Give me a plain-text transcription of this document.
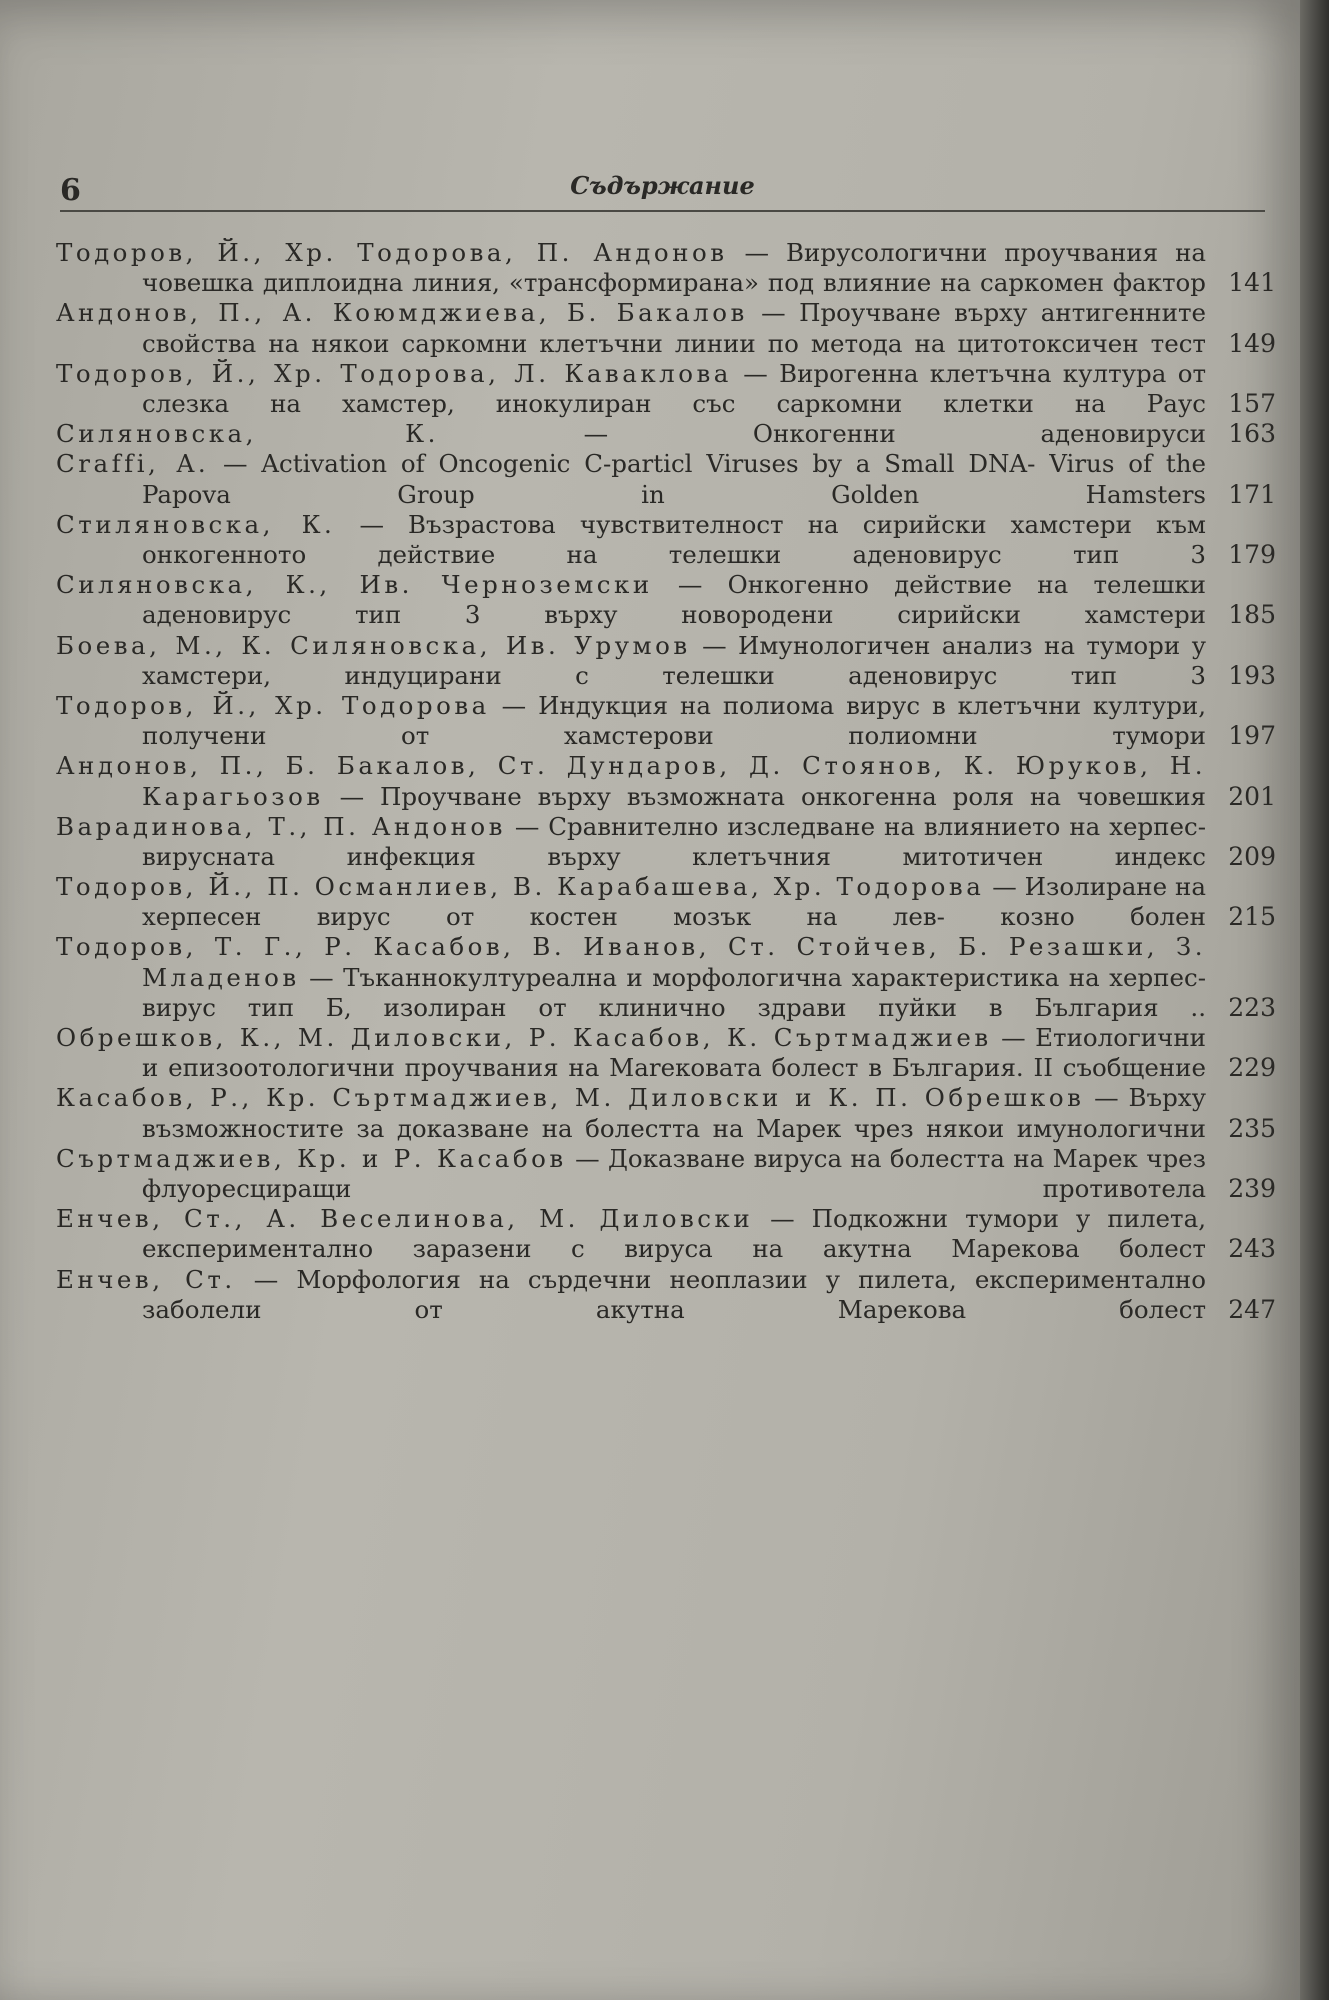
6	Съдържание
Тодоров, Й., Хр. Тодорова, П. Андонов — Вирусологични проучвания на човешка диплоидна линия, «трансформирана» под влияние на саркомен фактор . . . 141
Андонов, П., А. Коюмджиева, Б. Бакалов — Проучване върху антигенните свойства на някои саркомни клетъчни линии по метода на цитотоксичен тест . . . 149
Тодоров, Й., Хр. Тодорова, Л. Каваклова — Вирогенна клетъчна култура от слезка на хамстер, инокулиран със саркомни клетки на Раус . . . 157
Силяновска, К. — Онкогенни аденовируси . . . 163
Craffi, A. — Activation of Oncogenic C-particl Viruses by a Small DNA- Virus of the Papova Group in Golden Hamsters . . . 171
Стиляновска, К. — Възрастова чувствителност на сирийски хамстери към онкогенното действие на телешки аденовирус тип 3 . . . 179
Силяновска, К., Ив. Черноземски — Онкогенно действие на телешки аденовирус тип 3 върху новородени сирийски хамстери . . . 185
Боева, М., К. Силяновска, Ив. Урумов — Имунологичен анализ на тумори у хамстери, индуцирани с телешки аденовирус тип 3 . . . 193
Тодоров, Й., Хр. Тодорова — Индукция на полиома вирус в клетъчни култури, получени от хамстерови полиомни тумори . . . 197
Андонов, П., Б. Бакалов, Ст. Дундаров, Д. Стоянов, К. Юруков, Н. Карагьозов — Проучване върху възможната онкогенна роля на човешкия . . . 201
Варадинова, Т., П. Андонов — Сравнително изследване на влиянието на херпес-вирусната инфекция върху клетъчния митотичен индекс . . . 209
Тодоров, Й., П. Османлиев, В. Карабашева, Хр. Тодорова — Изолиране на херпесен вирус от костен мозък на лев- козно болен . . . 215
Тодоров, Т. Г., Р. Касабов, В. Иванов, Ст. Стойчев, Б. Резашки, З. Младенов — Тъканнокултуреална и морфологична характеристика на херпес-вирус тип Б, изолиран от клинично здрави пуйки в България .. . . . 223
Обрешков, К., М. Диловски, Р. Касабов, К. Съртмаджиев — Етиологични и епизоотологични проучвания на Мarековата болест в България. II съобщение . . . 229
Касабов, Р., Кр. Съртмаджиев, М. Диловски и К. П. Обрешков — Върху възможностите за доказване на болестта на Марек чрез някои имунологични . . . 235
Съртмаджиев, Кр. и Р. Касабов — Доказване вируса на болестта на Марек чрез флуоресциращи противотела . . . 239
Енчев, Ст., А. Веселинова, М. Диловски — Подкожни тумори у пилета, експериментално заразени с вируса на акутна Марекова болест . . . 243
Енчев, Ст. — Морфология на сърдечни неоплазии у пилета, експериментално заболели от акутна Марекова болест . . . 247
